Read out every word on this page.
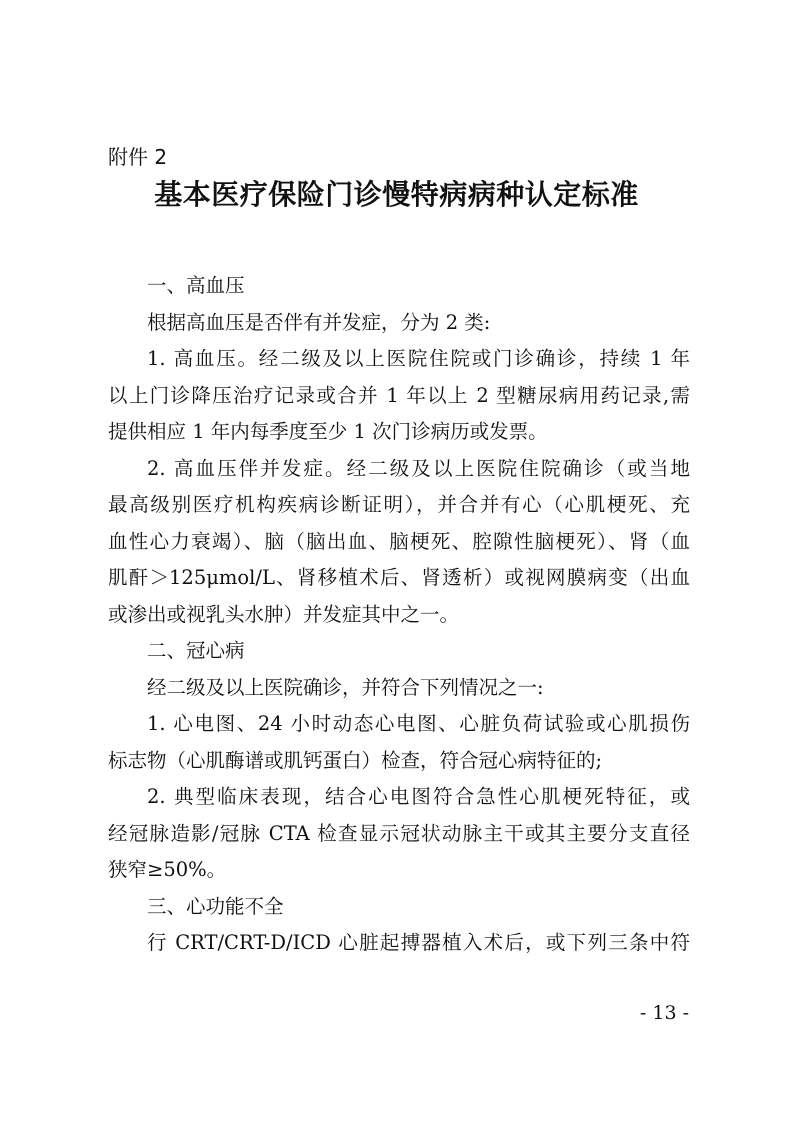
附件 2
基本医疗保险门诊慢特病病种认定标准
一、高血压
根据高血压是否伴有并发症，分为 2 类:
1. 高血压。经二级及以上医院住院或门诊确诊，持续 1 年
以上门诊降压治疗记录或合并 1 年以上 2 型糖尿病用药记录,需
提供相应 1 年内每季度至少 1 次门诊病历或发票。
2. 高血压伴并发症。经二级及以上医院住院确诊（或当地
最高级别医疗机构疾病诊断证明），并合并有心（心肌梗死、充
血性心力衰竭）、脑（脑出血、脑梗死、腔隙性脑梗死）、肾（血
肌酐＞125μmol/L、肾移植术后、肾透析）或视网膜病变（出血
或渗出或视乳头水肿）并发症其中之一。
二、冠心病
经二级及以上医院确诊，并符合下列情况之一:
1. 心电图、24 小时动态心电图、心脏负荷试验或心肌损伤
标志物（心肌酶谱或肌钙蛋白）检查，符合冠心病特征的;
2. 典型临床表现，结合心电图符合急性心肌梗死特征，或
经冠脉造影/冠脉 CTA 检查显示冠状动脉主干或其主要分支直径
狭窄≥50%。
三、心功能不全
行 CRT/CRT-D/ICD 心脏起搏器植入术后，或下列三条中符
- 13 -
